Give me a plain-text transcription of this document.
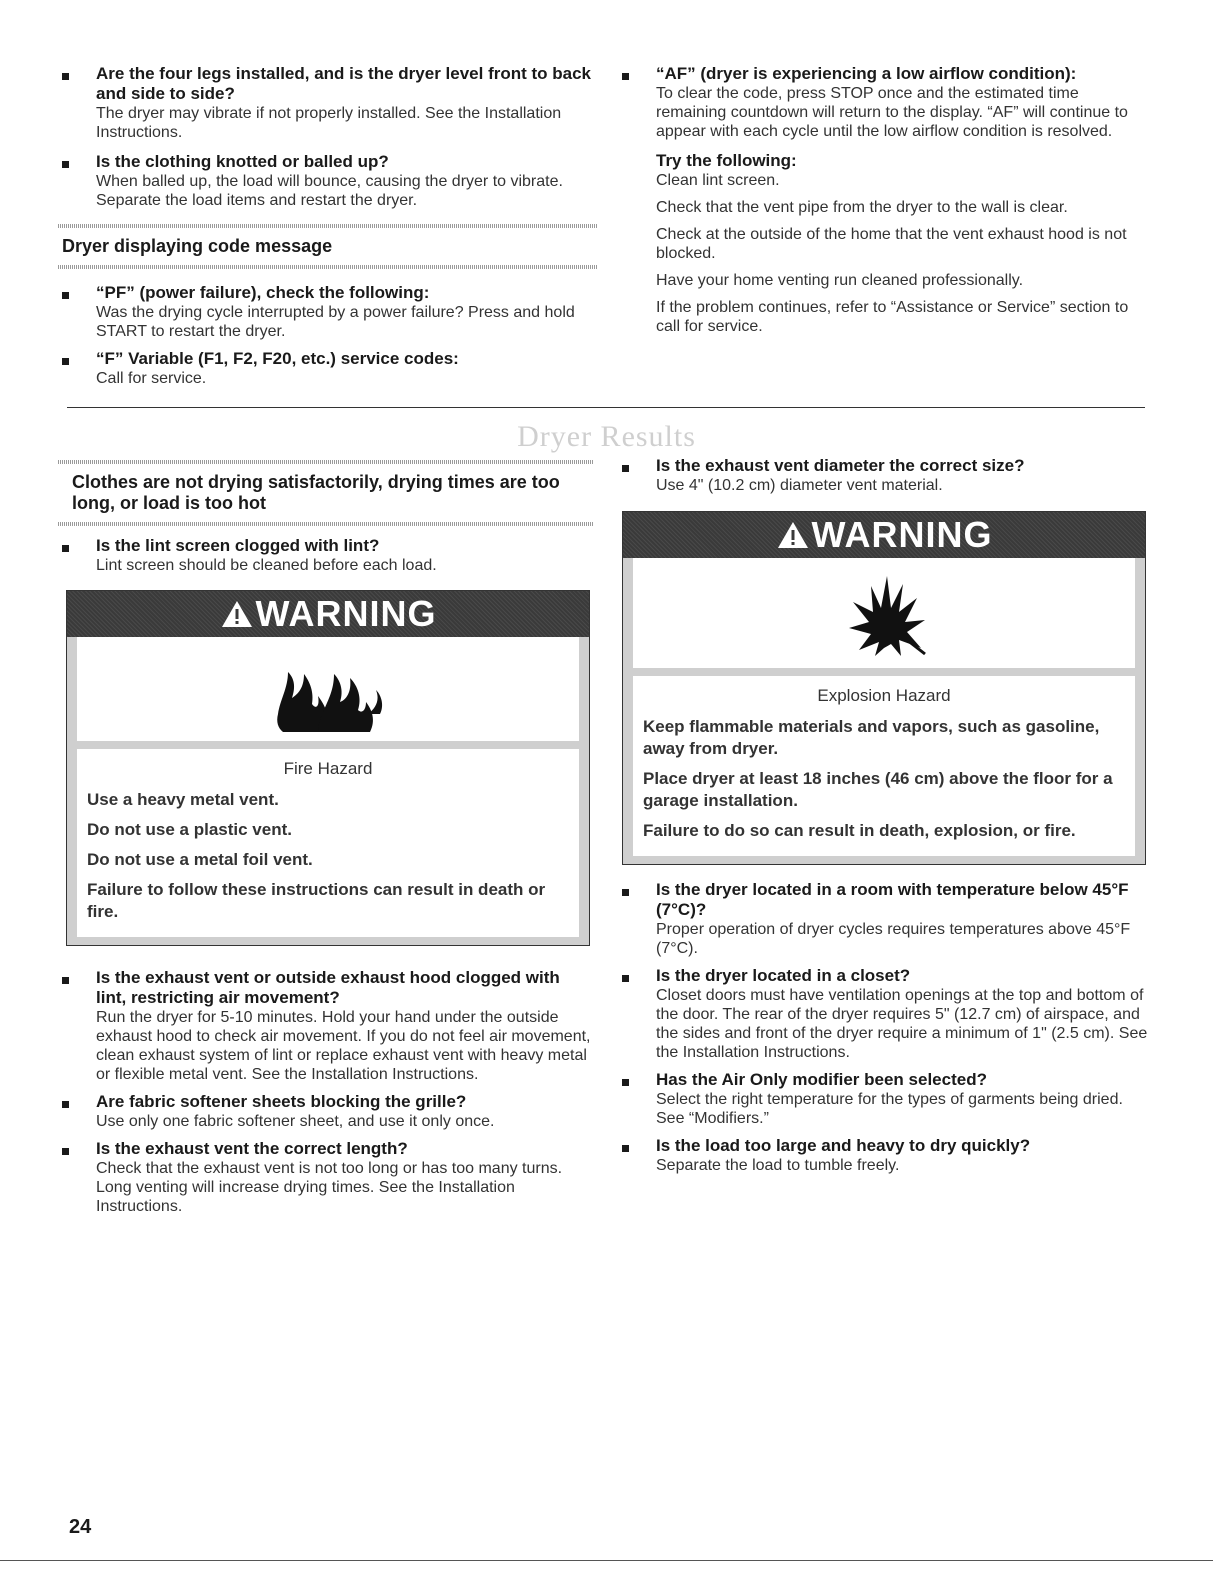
Are the four legs installed, and is the dryer level front to back and side to side?

The dryer may vibrate if not properly installed. See the Installation Instructions.

Is the clothing knotted or balled up?

When balled up, the load will bounce, causing the dryer to vibrate. Separate the load items and restart the dryer.

Dryer displaying code message

“PF” (power failure), check the following:

Was the drying cycle interrupted by a power failure? Press and hold START to restart the dryer.

“F” Variable (F1, F2, F20, etc.) service codes:

Call for service.

“AF” (dryer is experiencing a low airflow condition):

To clear the code, press STOP once and the estimated time remaining countdown will return to the display. “AF” will continue to appear with each cycle until the low airflow condition is resolved.

Try the following:

Clean lint screen.

Check that the vent pipe from the dryer to the wall is clear.

Check at the outside of the home that the vent exhaust hood is not blocked.

Have your home venting run cleaned professionally.

If the problem continues, refer to “Assistance or Service” section to call for service.

Dryer Results

Clothes are not drying satisfactorily, drying times are too long, or load is too hot

Is the lint screen clogged with lint?

Lint screen should be cleaned before each load.

WARNING

Fire Hazard

Use a heavy metal vent.

Do not use a plastic vent.

Do not use a metal foil vent.

Failure to follow these instructions can result in death or fire.

Is the exhaust vent or outside exhaust hood clogged with lint, restricting air movement?

Run the dryer for 5-10 minutes. Hold your hand under the outside exhaust hood to check air movement. If you do not feel air movement, clean exhaust system of lint or replace exhaust vent with heavy metal or flexible metal vent. See the Installation Instructions.

Are fabric softener sheets blocking the grille?

Use only one fabric softener sheet, and use it only once.

Is the exhaust vent the correct length?

Check that the exhaust vent is not too long or has too many turns. Long venting will increase drying times. See the Installation Instructions.

Is the exhaust vent diameter the correct size?

Use 4" (10.2 cm) diameter vent material.

WARNING

Explosion Hazard

Keep flammable materials and vapors, such as gasoline, away from dryer.

Place dryer at least 18 inches (46 cm) above the floor for a garage installation.

Failure to do so can result in death, explosion, or fire.

Is the dryer located in a room with temperature below 45°F (7°C)?

Proper operation of dryer cycles requires temperatures above 45°F (7°C).

Is the dryer located in a closet?

Closet doors must have ventilation openings at the top and bottom of the door. The rear of the dryer requires 5" (12.7 cm) of airspace, and the sides and front of the dryer require a minimum of 1" (2.5 cm). See the Installation Instructions.

Has the Air Only modifier been selected?

Select the right temperature for the types of garments being dried. See “Modifiers.”

Is the load too large and heavy to dry quickly?

Separate the load to tumble freely.

24
